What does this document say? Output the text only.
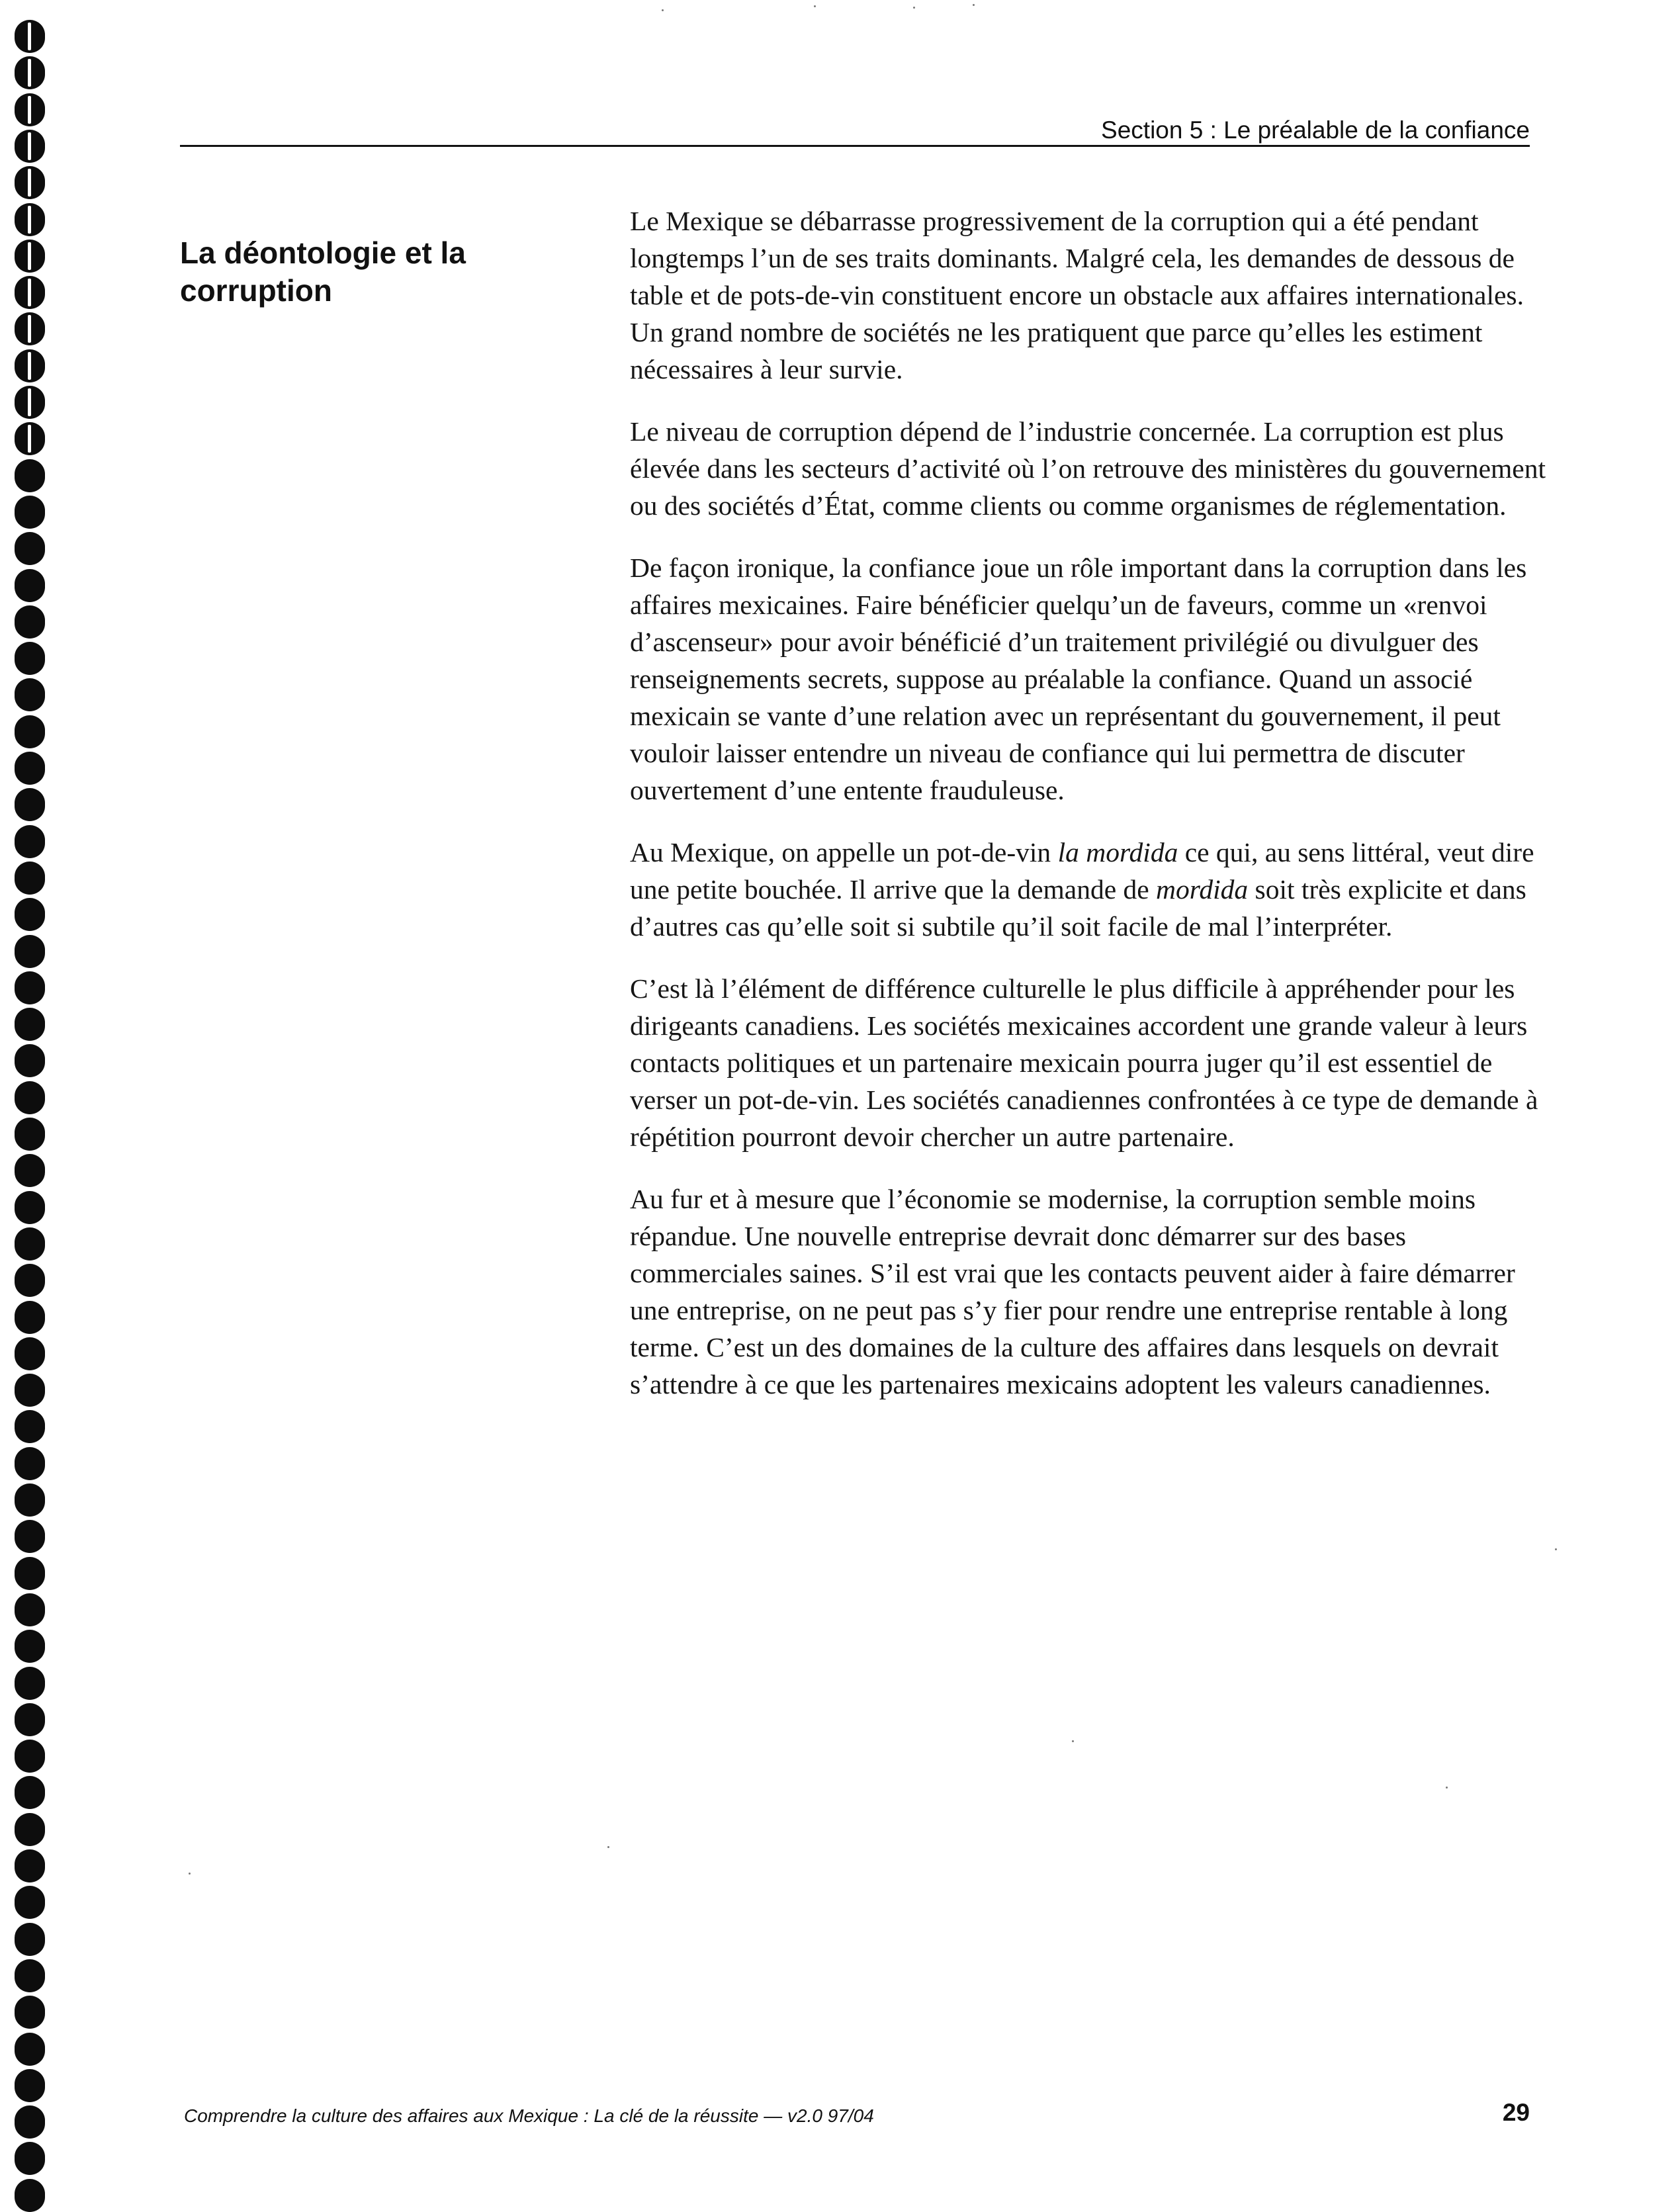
Section 5 : Le préalable de la confiance
La déontologie et la corruption

Le Mexique se débarrasse progressivement de la corruption qui a été pendant longtemps l’un de ses traits dominants. Malgré cela, les demandes de dessous de table et de pots-de-vin constituent encore un obstacle aux affaires internationales. Un grand nombre de sociétés ne les pratiquent que parce qu’elles les estiment nécessaires à leur survie.

Le niveau de corruption dépend de l’industrie concernée. La corruption est plus élevée dans les secteurs d’activité où l’on retrouve des ministères du gouvernement ou des sociétés d’État, comme clients ou comme organismes de réglementation.

De façon ironique, la confiance joue un rôle important dans la corruption dans les affaires mexicaines. Faire bénéficier quelqu’un de faveurs, comme un «renvoi d’ascenseur» pour avoir bénéficié d’un traitement privilégié ou divulguer des renseignements secrets, suppose au préalable la confiance. Quand un associé mexicain se vante d’une relation avec un représentant du gouvernement, il peut vouloir laisser entendre un niveau de confiance qui lui permettra de discuter ouvertement d’une entente frauduleuse.

Au Mexique, on appelle un pot-de-vin la mordida ce qui, au sens littéral, veut dire une petite bouchée. Il arrive que la demande de mordida soit très explicite et dans d’autres cas qu’elle soit si subtile qu’il soit facile de mal l’interpréter.

C’est là l’élément de différence culturelle le plus difficile à appréhender pour les dirigeants canadiens. Les sociétés mexicaines accordent une grande valeur à leurs contacts politiques et un partenaire mexicain pourra juger qu’il est essentiel de verser un pot-de-vin. Les sociétés canadiennes confrontées à ce type de demande à répétition pourront devoir chercher un autre partenaire.

Au fur et à mesure que l’économie se modernise, la corruption semble moins répandue. Une nouvelle entreprise devrait donc démarrer sur des bases commerciales saines. S’il est vrai que les contacts peuvent aider à faire démarrer une entreprise, on ne peut pas s’y fier pour rendre une entreprise rentable à long terme. C’est un des domaines de la culture des affaires dans lesquels on devrait s’attendre à ce que les partenaires mexicains adoptent les valeurs canadiennes.

Comprendre la culture des affaires aux Mexique : La clé de la réussite — v2.0 97/04	29
